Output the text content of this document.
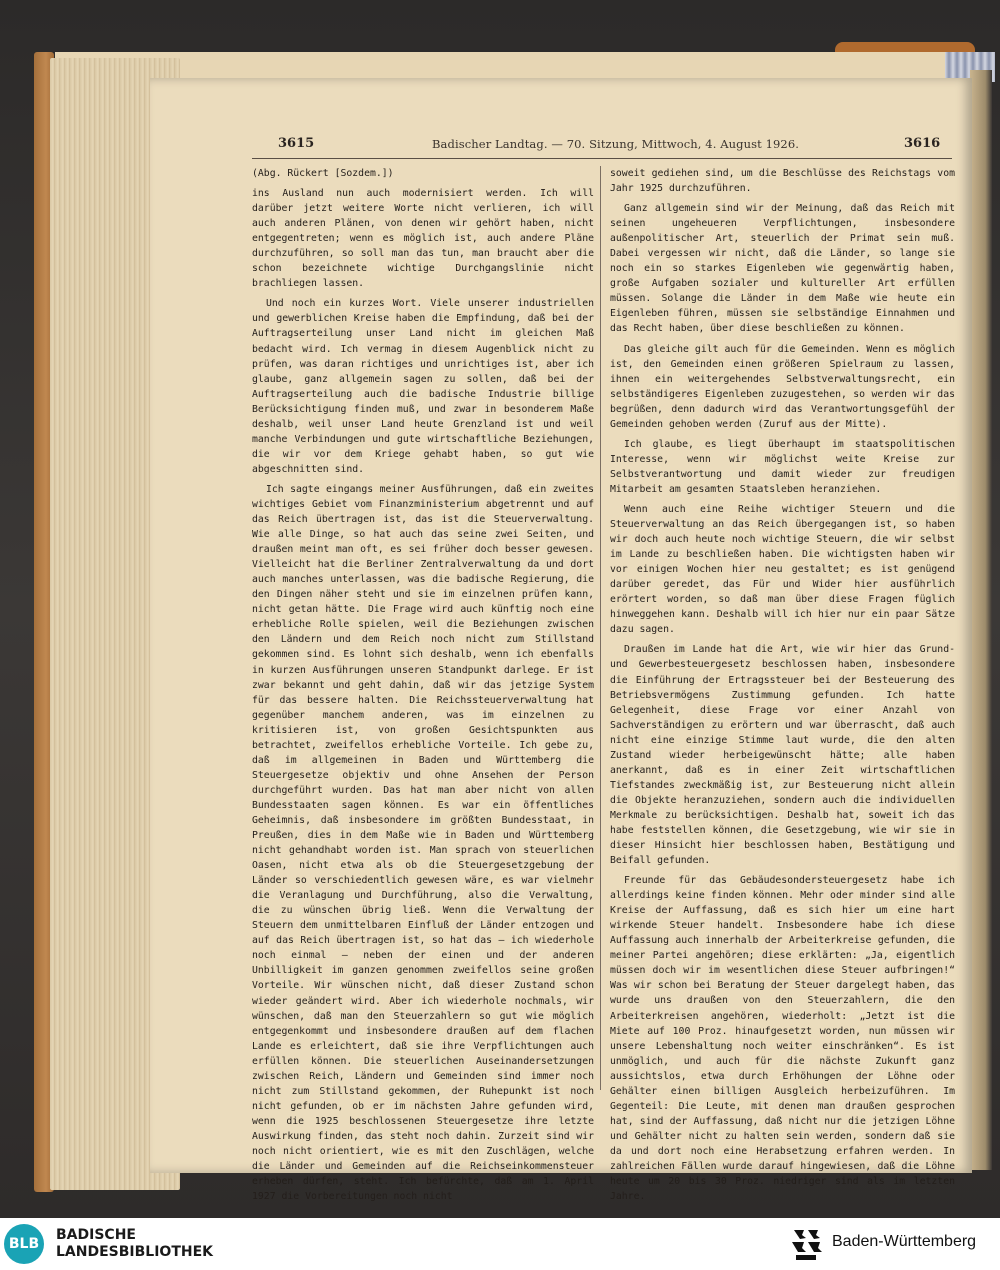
3615	Badischer Landtag. — 70. Sitzung, Mittwoch, 4. August 1926.	3616

(Abg. Rückert [Sozdem.])

ins Ausland nun auch modernisiert werden. Ich will darüber jetzt weitere Worte nicht verlieren, ich will auch anderen Plänen, von denen wir gehört haben, nicht entgegentreten; wenn es möglich ist, auch andere Pläne durchzuführen, so soll man das tun, man braucht aber die schon bezeichnete wichtige Durchgangslinie nicht brachliegen lassen.

Und noch ein kurzes Wort. Viele unserer industriellen und gewerblichen Kreise haben die Empfindung, daß bei der Auftragserteilung unser Land nicht im gleichen Maß bedacht wird. Ich vermag in diesem Augenblick nicht zu prüfen, was daran richtiges und unrichtiges ist, aber ich glaube, ganz allgemein sagen zu sollen, daß bei der Auftragserteilung auch die badische Industrie billige Berücksichtigung finden muß, und zwar in besonderem Maße deshalb, weil unser Land heute Grenzland ist und weil manche Verbindungen und gute wirtschaftliche Beziehungen, die wir vor dem Kriege gehabt haben, so gut wie abgeschnitten sind.

Ich sagte eingangs meiner Ausführungen, daß ein zweites wichtiges Gebiet vom Finanzministerium abgetrennt und auf das Reich übertragen ist, das ist die Steuerverwaltung. Wie alle Dinge, so hat auch das seine zwei Seiten, und draußen meint man oft, es sei früher doch besser gewesen. Vielleicht hat die Berliner Zentralverwaltung da und dort auch manches unterlassen, was die badische Regierung, die den Dingen näher steht und sie im einzelnen prüfen kann, nicht getan hätte. Die Frage wird auch künftig noch eine erhebliche Rolle spielen, weil die Beziehungen zwischen den Ländern und dem Reich noch nicht zum Stillstand gekommen sind. Es lohnt sich deshalb, wenn ich ebenfalls in kurzen Ausführungen unseren Standpunkt darlege. Er ist zwar bekannt und geht dahin, daß wir das jetzige System für das bessere halten. Die Reichssteuerverwaltung hat gegenüber manchem anderen, was im einzelnen zu kritisieren ist, von großen Gesichtspunkten aus betrachtet, zweifellos erhebliche Vorteile. Ich gebe zu, daß im allgemeinen in Baden und Württemberg die Steuergesetze objektiv und ohne Ansehen der Person durchgeführt wurden. Das hat man aber nicht von allen Bundesstaaten sagen können. Es war ein öffentliches Geheimnis, daß insbesondere im größten Bundesstaat, in Preußen, dies in dem Maße wie in Baden und Württemberg nicht gehandhabt worden ist. Man sprach von steuerlichen Oasen, nicht etwa als ob die Steuergesetzgebung der Länder so verschiedentlich gewesen wäre, es war vielmehr die Veranlagung und Durchführung, also die Verwaltung, die zu wünschen übrig ließ. Wenn die Verwaltung der Steuern dem unmittelbaren Einfluß der Länder entzogen und auf das Reich übertragen ist, so hat das — ich wiederhole noch einmal — neben der einen und der anderen Unbilligkeit im ganzen genommen zweifellos seine großen Vorteile. Wir wünschen nicht, daß dieser Zustand schon wieder geändert wird. Aber ich wiederhole nochmals, wir wünschen, daß man den Steuerzahlern so gut wie möglich entgegenkommt und insbesondere draußen auf dem flachen Lande es erleichtert, daß sie ihre Verpflichtungen auch erfüllen können. Die steuerlichen Auseinandersetzungen zwischen Reich, Ländern und Gemeinden sind immer noch nicht zum Stillstand gekommen, der Ruhepunkt ist noch nicht gefunden, ob er im nächsten Jahre gefunden wird, wenn die 1925 beschlossenen Steuergesetze ihre letzte Auswirkung finden, das steht noch dahin. Zurzeit sind wir noch nicht orientiert, wie es mit den Zuschlägen, welche die Länder und Gemeinden auf die Reichseinkommensteuer erheben dürfen, steht. Ich befürchte, daß am 1. April 1927 die Vorbereitungen noch nicht

soweit gediehen sind, um die Beschlüsse des Reichstags vom Jahr 1925 durchzuführen.

Ganz allgemein sind wir der Meinung, daß das Reich mit seinen ungeheueren Verpflichtungen, insbesondere außenpolitischer Art, steuerlich der Primat sein muß. Dabei vergessen wir nicht, daß die Länder, so lange sie noch ein so starkes Eigenleben wie gegenwärtig haben, große Aufgaben sozialer und kultureller Art erfüllen müssen. Solange die Länder in dem Maße wie heute ein Eigenleben führen, müssen sie selbständige Einnahmen und das Recht haben, über diese beschließen zu können.

Das gleiche gilt auch für die Gemeinden. Wenn es möglich ist, den Gemeinden einen größeren Spielraum zu lassen, ihnen ein weitergehendes Selbstverwaltungsrecht, ein selbständigeres Eigenleben zuzugestehen, so werden wir das begrüßen, denn dadurch wird das Verantwortungsgefühl der Gemeinden gehoben werden (Zuruf aus der Mitte).

Ich glaube, es liegt überhaupt im staatspolitischen Interesse, wenn wir möglichst weite Kreise zur Selbstverantwortung und damit wieder zur freudigen Mitarbeit am gesamten Staatsleben heranziehen.

Wenn auch eine Reihe wichtiger Steuern und die Steuerverwaltung an das Reich übergegangen ist, so haben wir doch auch heute noch wichtige Steuern, die wir selbst im Lande zu beschließen haben. Die wichtigsten haben wir vor einigen Wochen hier neu gestaltet; es ist genügend darüber geredet, das Für und Wider hier ausführlich erörtert worden, so daß man über diese Fragen füglich hinweggehen kann. Deshalb will ich hier nur ein paar Sätze dazu sagen.

Draußen im Lande hat die Art, wie wir hier das Grund- und Gewerbesteuergesetz beschlossen haben, insbesondere die Einführung der Ertragssteuer bei der Besteuerung des Betriebsvermögens Zustimmung gefunden. Ich hatte Gelegenheit, diese Frage vor einer Anzahl von Sachverständigen zu erörtern und war überrascht, daß auch nicht eine einzige Stimme laut wurde, die den alten Zustand wieder herbeigewünscht hätte; alle haben anerkannt, daß es in einer Zeit wirtschaftlichen Tiefstandes zweckmäßig ist, zur Besteuerung nicht allein die Objekte heranzuziehen, sondern auch die individuellen Merkmale zu berücksichtigen. Deshalb hat, soweit ich das habe feststellen können, die Gesetzgebung, wie wir sie in dieser Hinsicht hier beschlossen haben, Bestätigung und Beifall gefunden.

Freunde für das Gebäudesondersteuergesetz habe ich allerdings keine finden können. Mehr oder minder sind alle Kreise der Auffassung, daß es sich hier um eine hart wirkende Steuer handelt. Insbesondere habe ich diese Auffassung auch innerhalb der Arbeiterkreise gefunden, die meiner Partei angehören; diese erklärten: „Ja, eigentlich müssen doch wir im wesentlichen diese Steuer aufbringen!“ Was wir schon bei Beratung der Steuer dargelegt haben, das wurde uns draußen von den Steuerzahlern, die den Arbeiterkreisen angehören, wiederholt: „Jetzt ist die Miete auf 100 Proz. hinaufgesetzt worden, nun müssen wir unsere Lebenshaltung noch weiter einschränken“. Es ist unmöglich, und auch für die nächste Zukunft ganz aussichtslos, etwa durch Erhöhungen der Löhne oder Gehälter einen billigen Ausgleich herbeizuführen. Im Gegenteil: Die Leute, mit denen man draußen gesprochen hat, sind der Auffassung, daß nicht nur die jetzigen Löhne und Gehälter nicht zu halten sein werden, sondern daß sie da und dort noch eine Herabsetzung erfahren werden. In zahlreichen Fällen wurde darauf hingewiesen, daß die Löhne heute um 20 bis 30 Proz. niedriger sind als im letzten Jahre.

BLB
BADISCHE
LANDESBIBLIOTHEK
Baden-Württemberg
